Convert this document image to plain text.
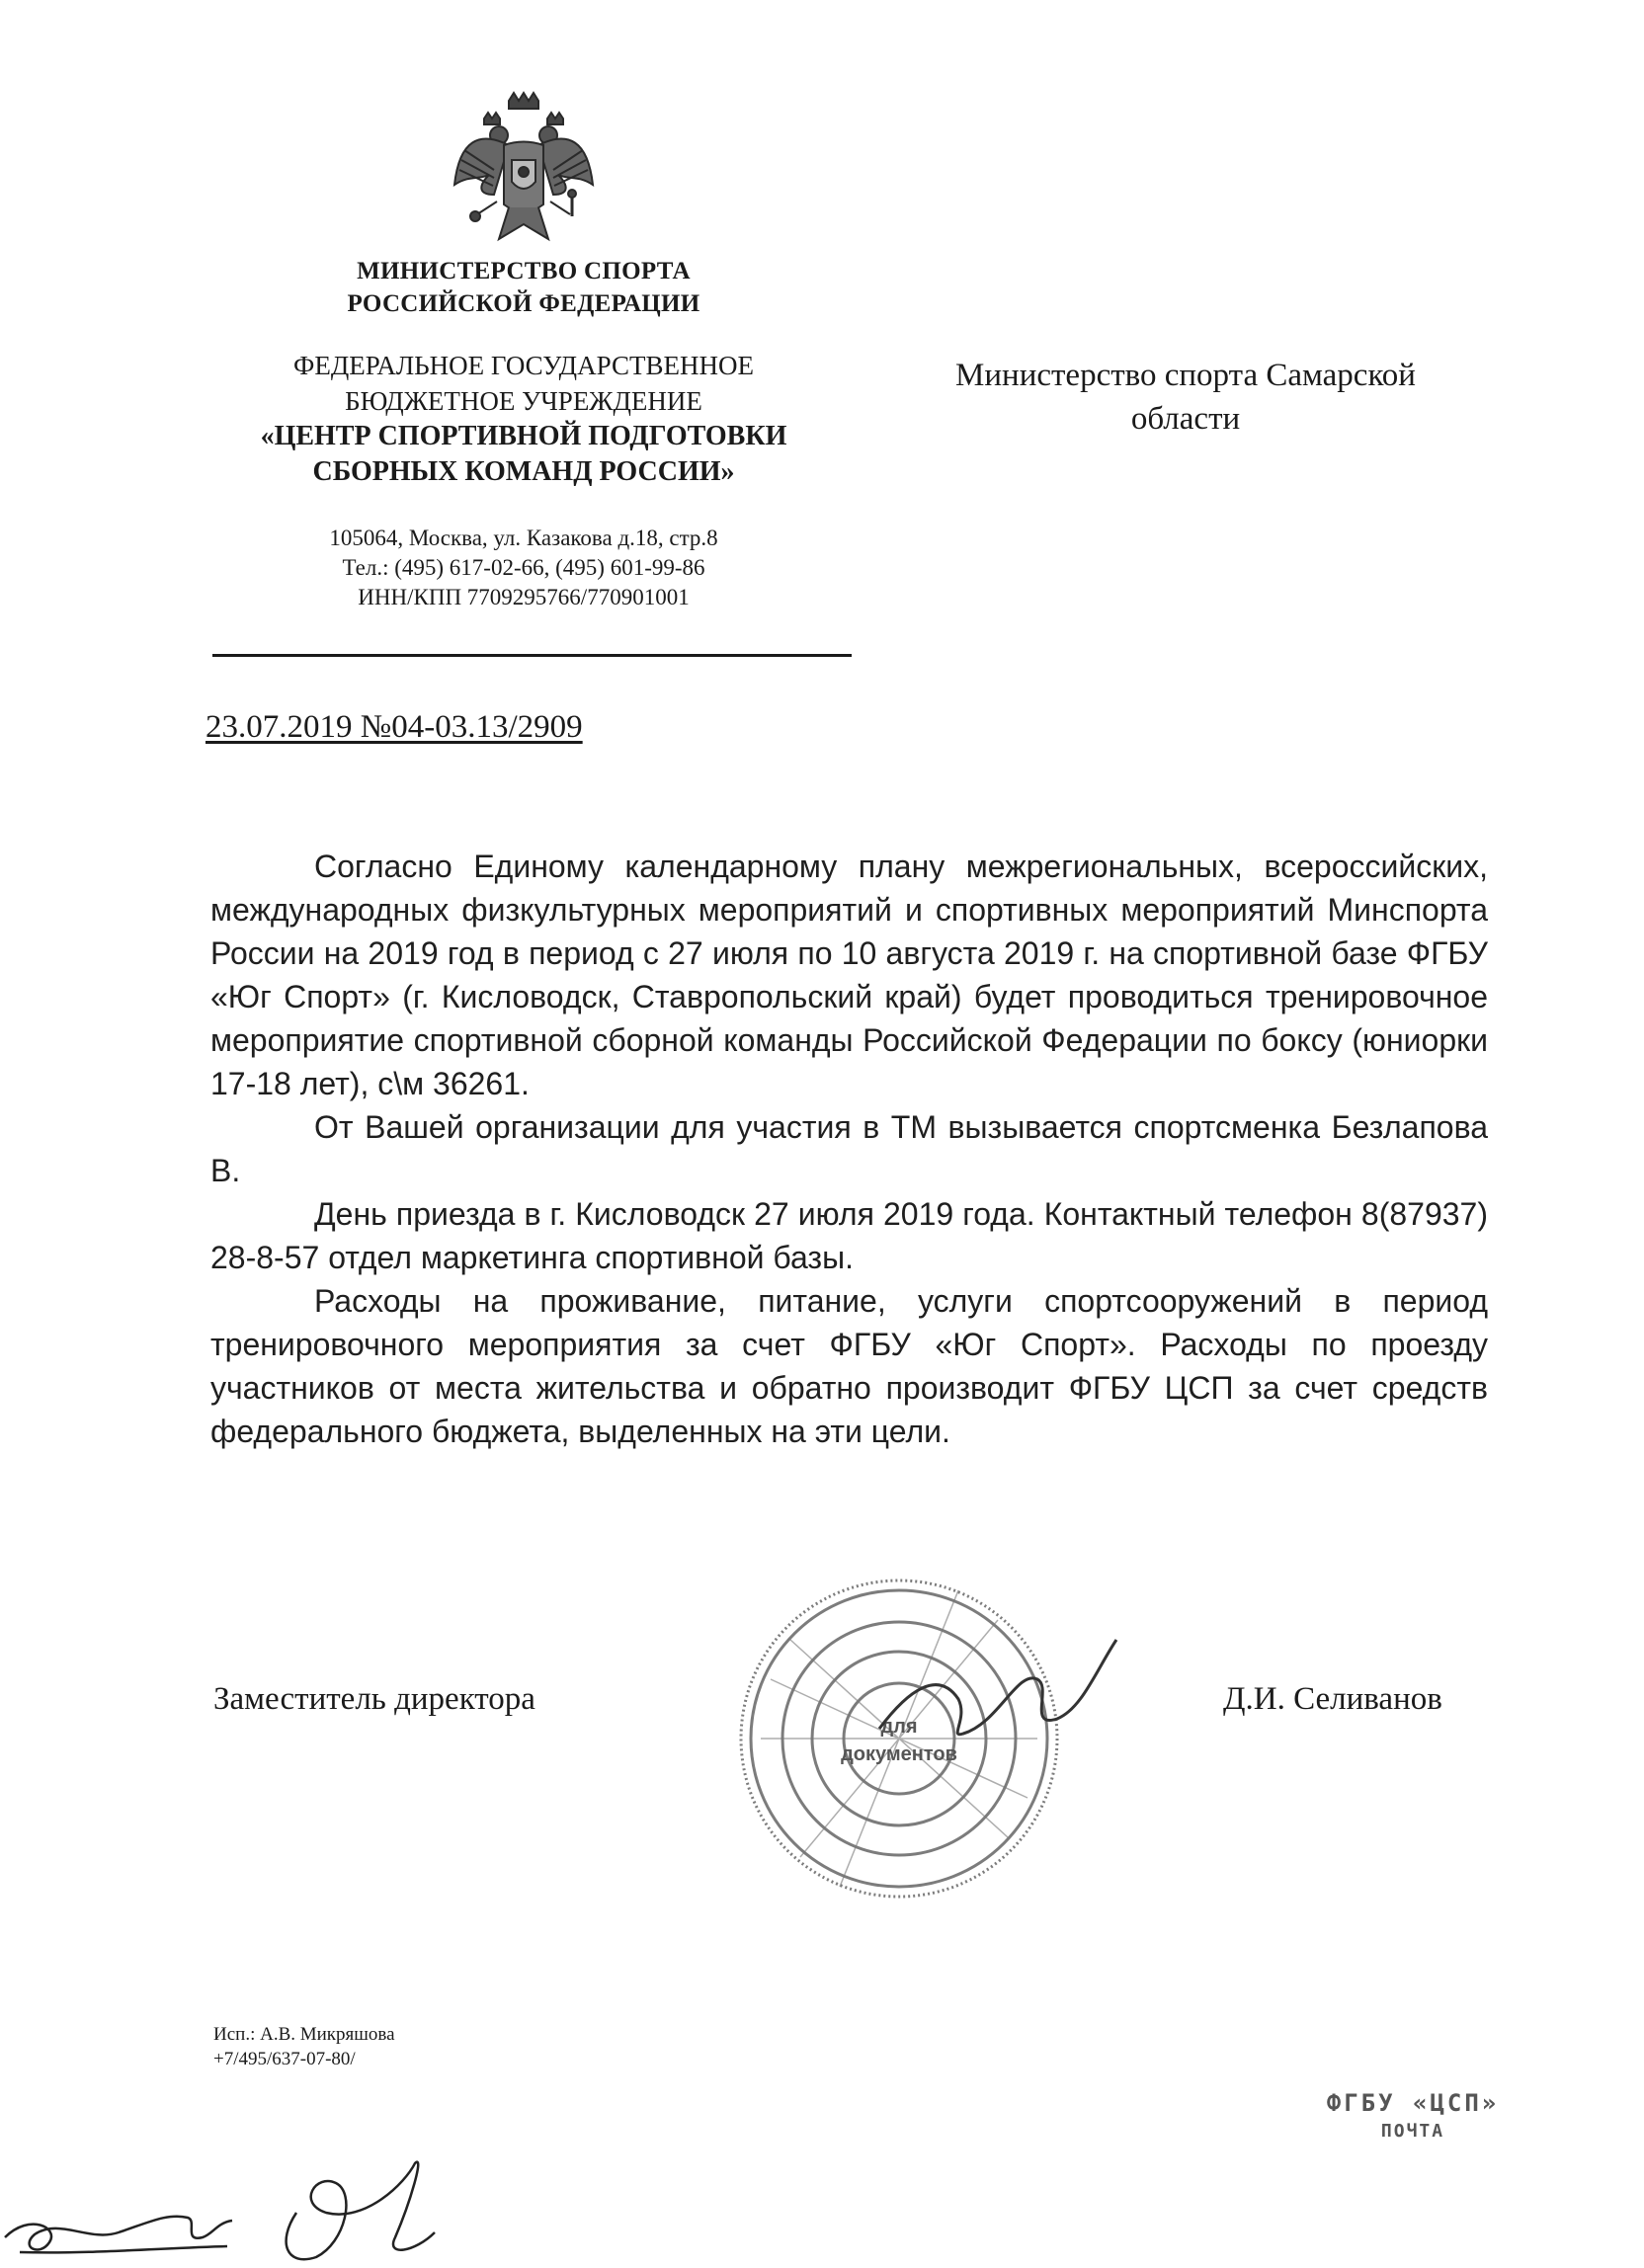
МИНИСТЕРСТВО СПОРТА
РОССИЙСКОЙ ФЕДЕРАЦИИ
ФЕДЕРАЛЬНОЕ ГОСУДАРСТВЕННОЕ
БЮДЖЕТНОЕ УЧРЕЖДЕНИЕ
«ЦЕНТР СПОРТИВНОЙ ПОДГОТОВКИ
СБОРНЫХ КОМАНД РОССИИ»
105064, Москва, ул. Казакова д.18, стр.8
Тел.: (495) 617-02-66, (495) 601-99-86
ИНН/КПП 7709295766/770901001
Министерство спорта Самарской
области
23.07.2019 №04-03.13/2909

Согласно Единому календарному плану межрегиональных, всероссийских, международных физкультурных мероприятий и спортивных мероприятий Минспорта России на 2019 год в период с 27 июля по 10 августа 2019 г. на спортивной базе ФГБУ «Юг Спорт» (г. Кисловодск, Ставропольский край) будет проводиться тренировочное мероприятие спортивной сборной команды Российской Федерации по боксу (юниорки 17-18 лет), с\м 36261.

От Вашей организации для участия в ТМ вызывается спортсменка Безлапова В.

День приезда в г. Кисловодск 27 июля 2019 года. Контактный телефон 8(87937) 28-8-57 отдел маркетинга спортивной базы.

Расходы на проживание, питание, услуги спортсооружений в период тренировочного мероприятия за счет ФГБУ «Юг Спорт». Расходы по проезду участников от места жительства и обратно производит ФГБУ ЦСП за счет средств федерального бюджета, выделенных на эти цели.

Заместитель директора	Д.И. Селиванов
для
документов
Исп.: А.В. Микряшова
+7/495/637-07-80/
ФГБУ «ЦСП»
ПОЧТА
